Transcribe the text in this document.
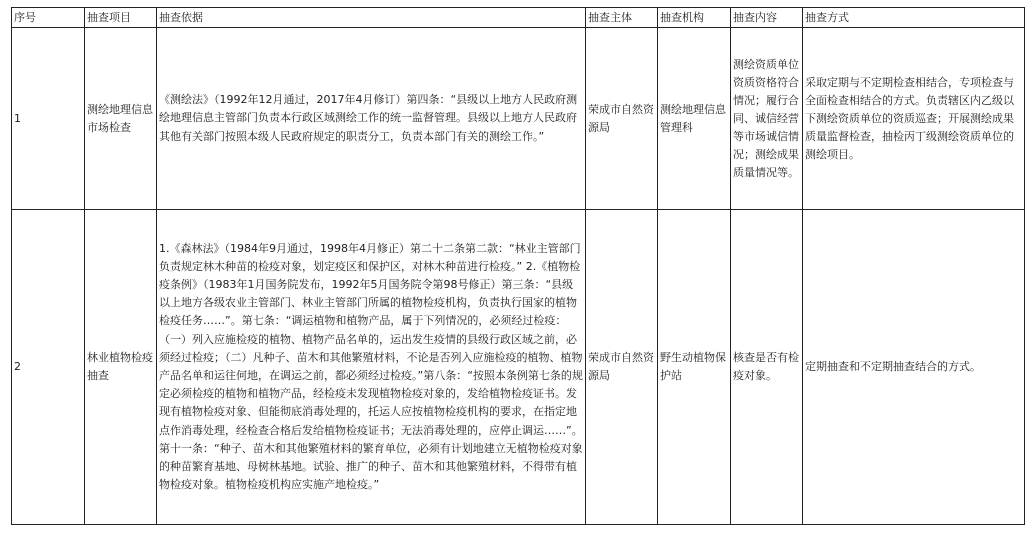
序号	抽查项目	抽查依据	抽查主体	抽查机构	抽查内容	抽查方式
1	测绘地理信息市场检查	《测绘法》（1992年12月通过，2017年4月修订）第四条：“县级以上地方人民政府测绘地理信息主管部门负责本行政区域测绘工作的统一监督管理。县级以上地方人民政府其他有关部门按照本级人民政府规定的职责分工，负责本部门有关的测绘工作。”	荣成市自然资源局	测绘地理信息管理科	测绘资质单位资质资格符合情况；履行合同、诚信经营等市场诚信情况；测绘成果质量情况等。	采取定期与不定期检查相结合，专项检查与全面检查相结合的方式。负责辖区内乙级以下测绘资质单位的资质巡查；开展测绘成果质量监督检查，抽检丙丁级测绘资质单位的测绘项目。
2	林业植物检疫抽查	1.《森林法》（1984年9月通过，1998年4月修正）第二十二条第二款：“林业主管部门负责规定林木种苗的检疫对象，划定疫区和保护区，对林木种苗进行检疫。” 2.《植物检疫条例》（1983年1月国务院发布，1992年5月国务院令第98号修正）第三条：“县级以上地方各级农业主管部门、林业主管部门所属的植物检疫机构，负责执行国家的植物检疫任务……”。第七条：“调运植物和植物产品，属于下列情况的，必须经过检疫：（一）列入应施检疫的植物、植物产品名单的，运出发生疫情的县级行政区域之前，必须经过检疫；（二）凡种子、苗木和其他繁殖材料，不论是否列入应施检疫的植物、植物产品名单和运往何地，在调运之前，都必须经过检疫。”第八条：“按照本条例第七条的规定必须检疫的植物和植物产品，经检疫未发现植物检疫对象的，发给植物检疫证书。发现有植物检疫对象、但能彻底消毒处理的，托运人应按植物检疫机构的要求，在指定地点作消毒处理，经检查合格后发给植物检疫证书；无法消毒处理的，应停止调运……”。第十一条：“种子、苗木和其他繁殖材料的繁育单位，必须有计划地建立无植物检疫对象的种苗繁育基地、母树林基地。试验、推广的种子、苗木和其他繁殖材料，不得带有植物检疫对象。植物检疫机构应实施产地检疫。”	荣成市自然资源局	野生动植物保护站	核查是否有检疫对象。	定期抽查和不定期抽查结合的方式。
